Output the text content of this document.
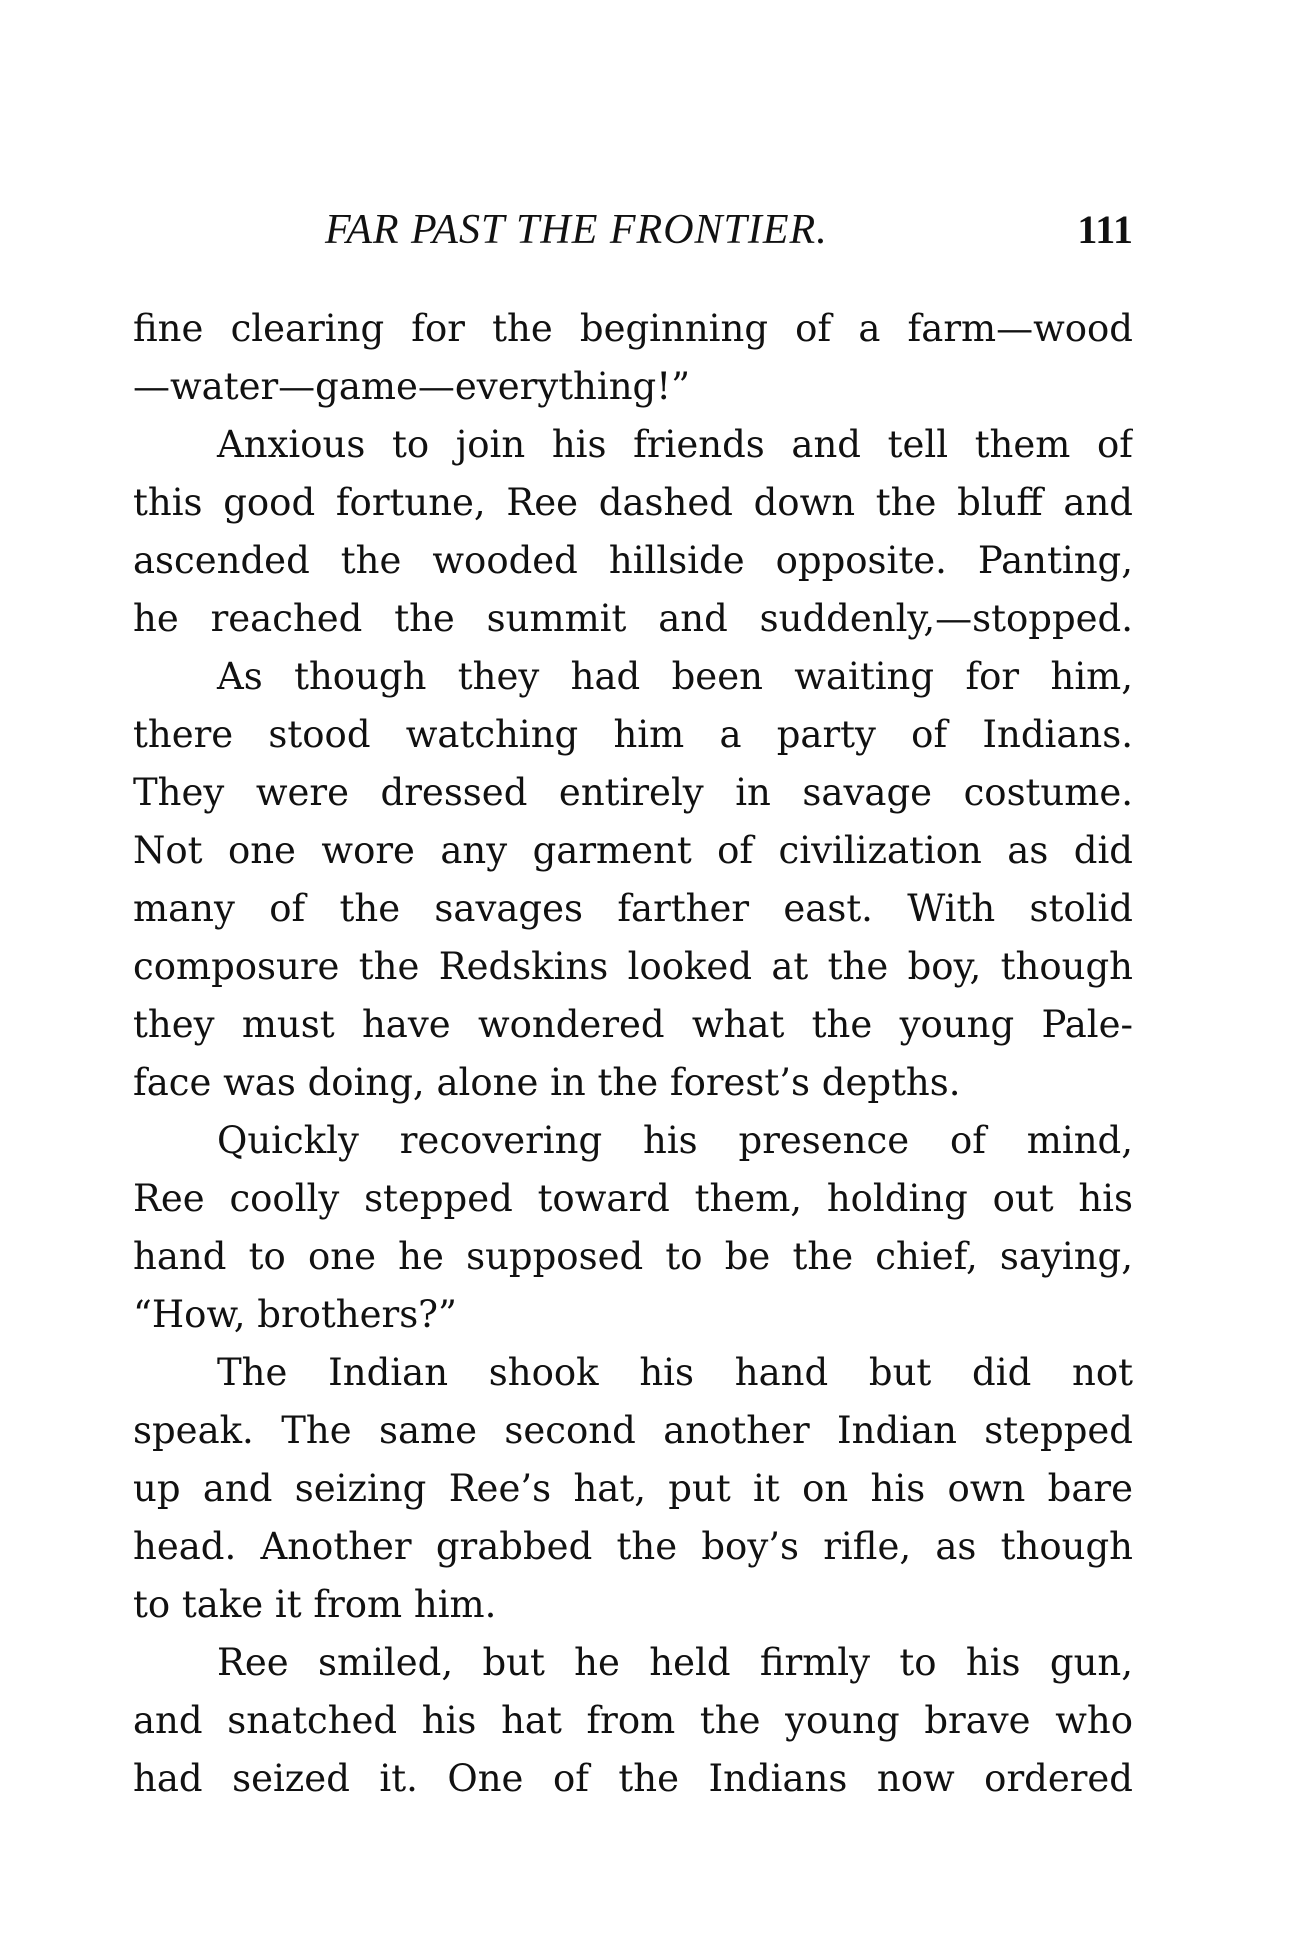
FAR PAST THE FRONTIER.	111
fine clearing for the beginning of a farm—wood
—water—game—everything!”
Anxious to join his friends and tell them of
this good fortune, Ree dashed down the bluff and
ascended the wooded hillside opposite. Panting,
he reached the summit and suddenly,—stopped.
As though they had been waiting for him,
there stood watching him a party of Indians.
They were dressed entirely in savage costume.
Not one wore any garment of civilization as did
many of the savages farther east. With stolid
composure the Redskins looked at the boy, though
they must have wondered what the young Pale-
face was doing, alone in the forest’s depths.
Quickly recovering his presence of mind,
Ree coolly stepped toward them, holding out his
hand to one he supposed to be the chief, saying,
“How, brothers?”
The Indian shook his hand but did not
speak. The same second another Indian stepped
up and seizing Ree’s hat, put it on his own bare
head. Another grabbed the boy’s rifle, as though
to take it from him.
Ree smiled, but he held firmly to his gun,
and snatched his hat from the young brave who
had seized it. One of the Indians now ordered
